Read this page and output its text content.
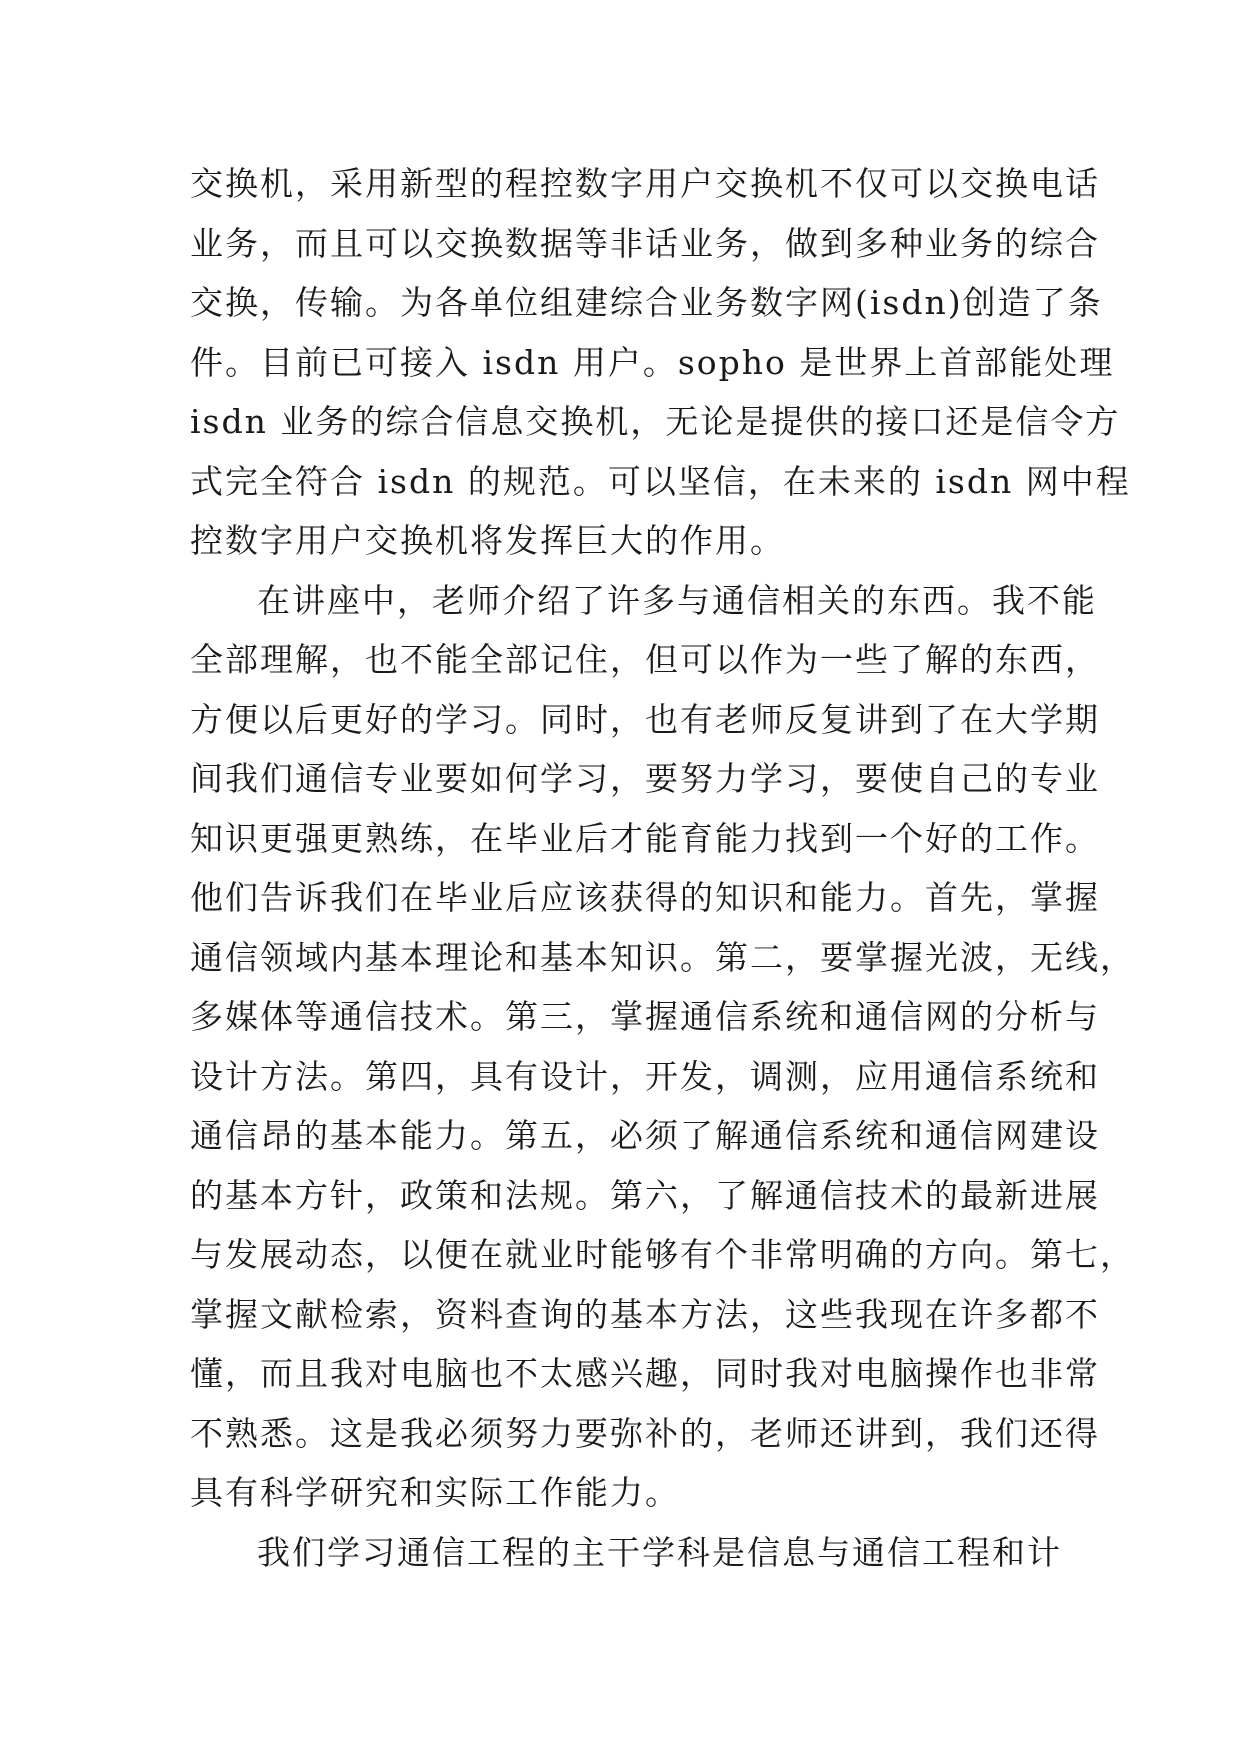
交换机，采用新型的程控数字用户交换机不仅可以交换电话
业务，而且可以交换数据等非话业务，做到多种业务的综合
交换，传输。为各单位组建综合业务数字网(isdn)创造了条
件。目前已可接入 isdn 用户。sopho 是世界上首部能处理
isdn 业务的综合信息交换机，无论是提供的接口还是信令方
式完全符合 isdn 的规范。可以坚信，在未来的 isdn 网中程
控数字用户交换机将发挥巨大的作用。
在讲座中，老师介绍了许多与通信相关的东西。我不能
全部理解，也不能全部记住，但可以作为一些了解的东西，
方便以后更好的学习。同时，也有老师反复讲到了在大学期
间我们通信专业要如何学习，要努力学习，要使自己的专业
知识更强更熟练，在毕业后才能育能力找到一个好的工作。
他们告诉我们在毕业后应该获得的知识和能力。首先，掌握
通信领域内基本理论和基本知识。第二，要掌握光波，无线，
多媒体等通信技术。第三，掌握通信系统和通信网的分析与
设计方法。第四，具有设计，开发，调测，应用通信系统和
通信昂的基本能力。第五，必须了解通信系统和通信网建设
的基本方针，政策和法规。第六，了解通信技术的最新进展
与发展动态，以便在就业时能够有个非常明确的方向。第七，
掌握文献检索，资料查询的基本方法，这些我现在许多都不
懂，而且我对电脑也不太感兴趣，同时我对电脑操作也非常
不熟悉。这是我必须努力要弥补的，老师还讲到，我们还得
具有科学研究和实际工作能力。
我们学习通信工程的主干学科是信息与通信工程和计
